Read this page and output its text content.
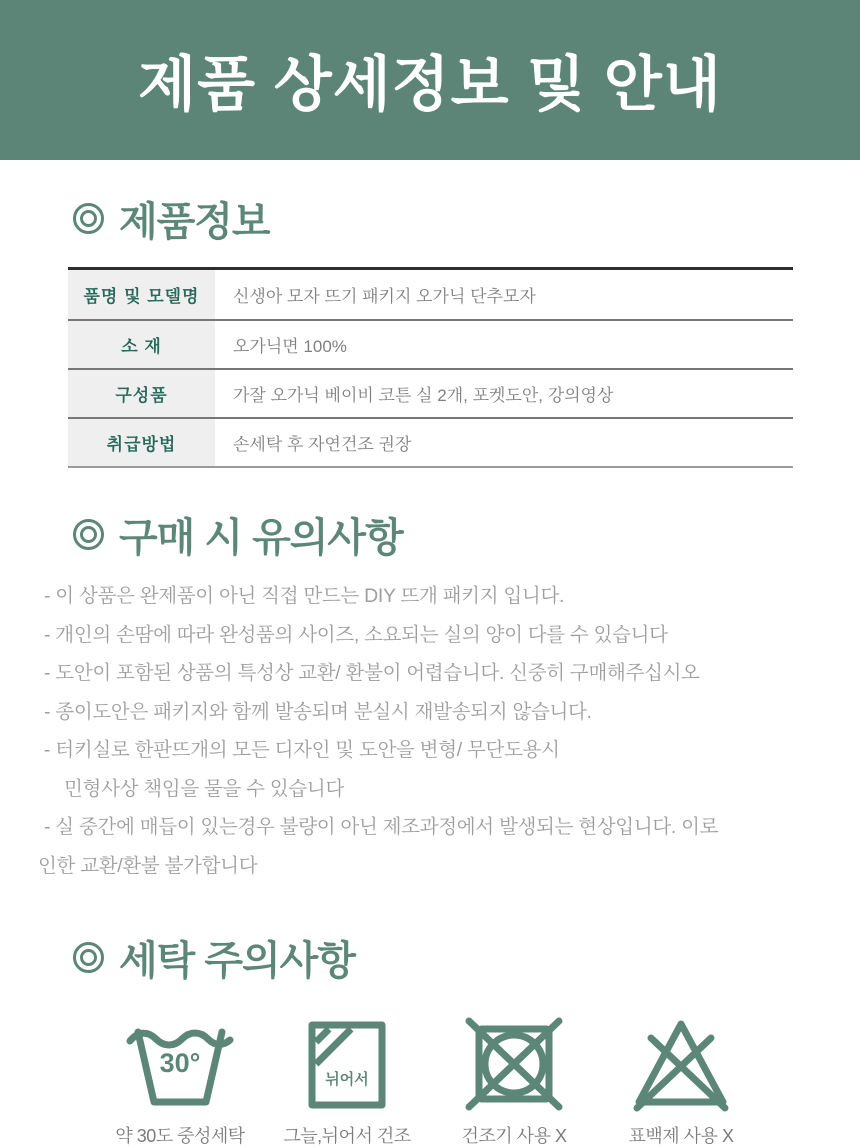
제품 상세정보 및 안내
제품정보
품명 및 모델명	신생아 모자 뜨기 패키지 오가닉 단추모자
소 재	오가닉면 100%
구성품	가잘 오가닉 베이비 코튼 실 2개, 포켓도안, 강의영상
취급방법	손세탁 후 자연건조 권장
구매 시 유의사항
- 이 상품은 완제품이 아닌 직접 만드는 DIY 뜨개 패키지 입니다.
- 개인의 손땀에 따라 완성품의 사이즈, 소요되는 실의 양이 다를 수 있습니다
- 도안이 포함된 상품의 특성상 교환/ 환불이 어렵습니다. 신중히 구매해주십시오
- 종이도안은 패키지와 함께 발송되며 분실시 재발송되지 않습니다.
- 터키실로 한판뜨개의 모든 디자인 및 도안을 변형/ 무단도용시
민형사상 책임을 물을 수 있습니다
- 실 중간에 매듭이 있는경우 불량이 아닌 제조과정에서 발생되는 현상입니다. 이로
인한 교환/환불 불가합니다
세탁 주의사항
30°
약 30도 중성세탁
뉘어서
그늘,뉘어서 건조	건조기 사용 X	표백제 사용 X
